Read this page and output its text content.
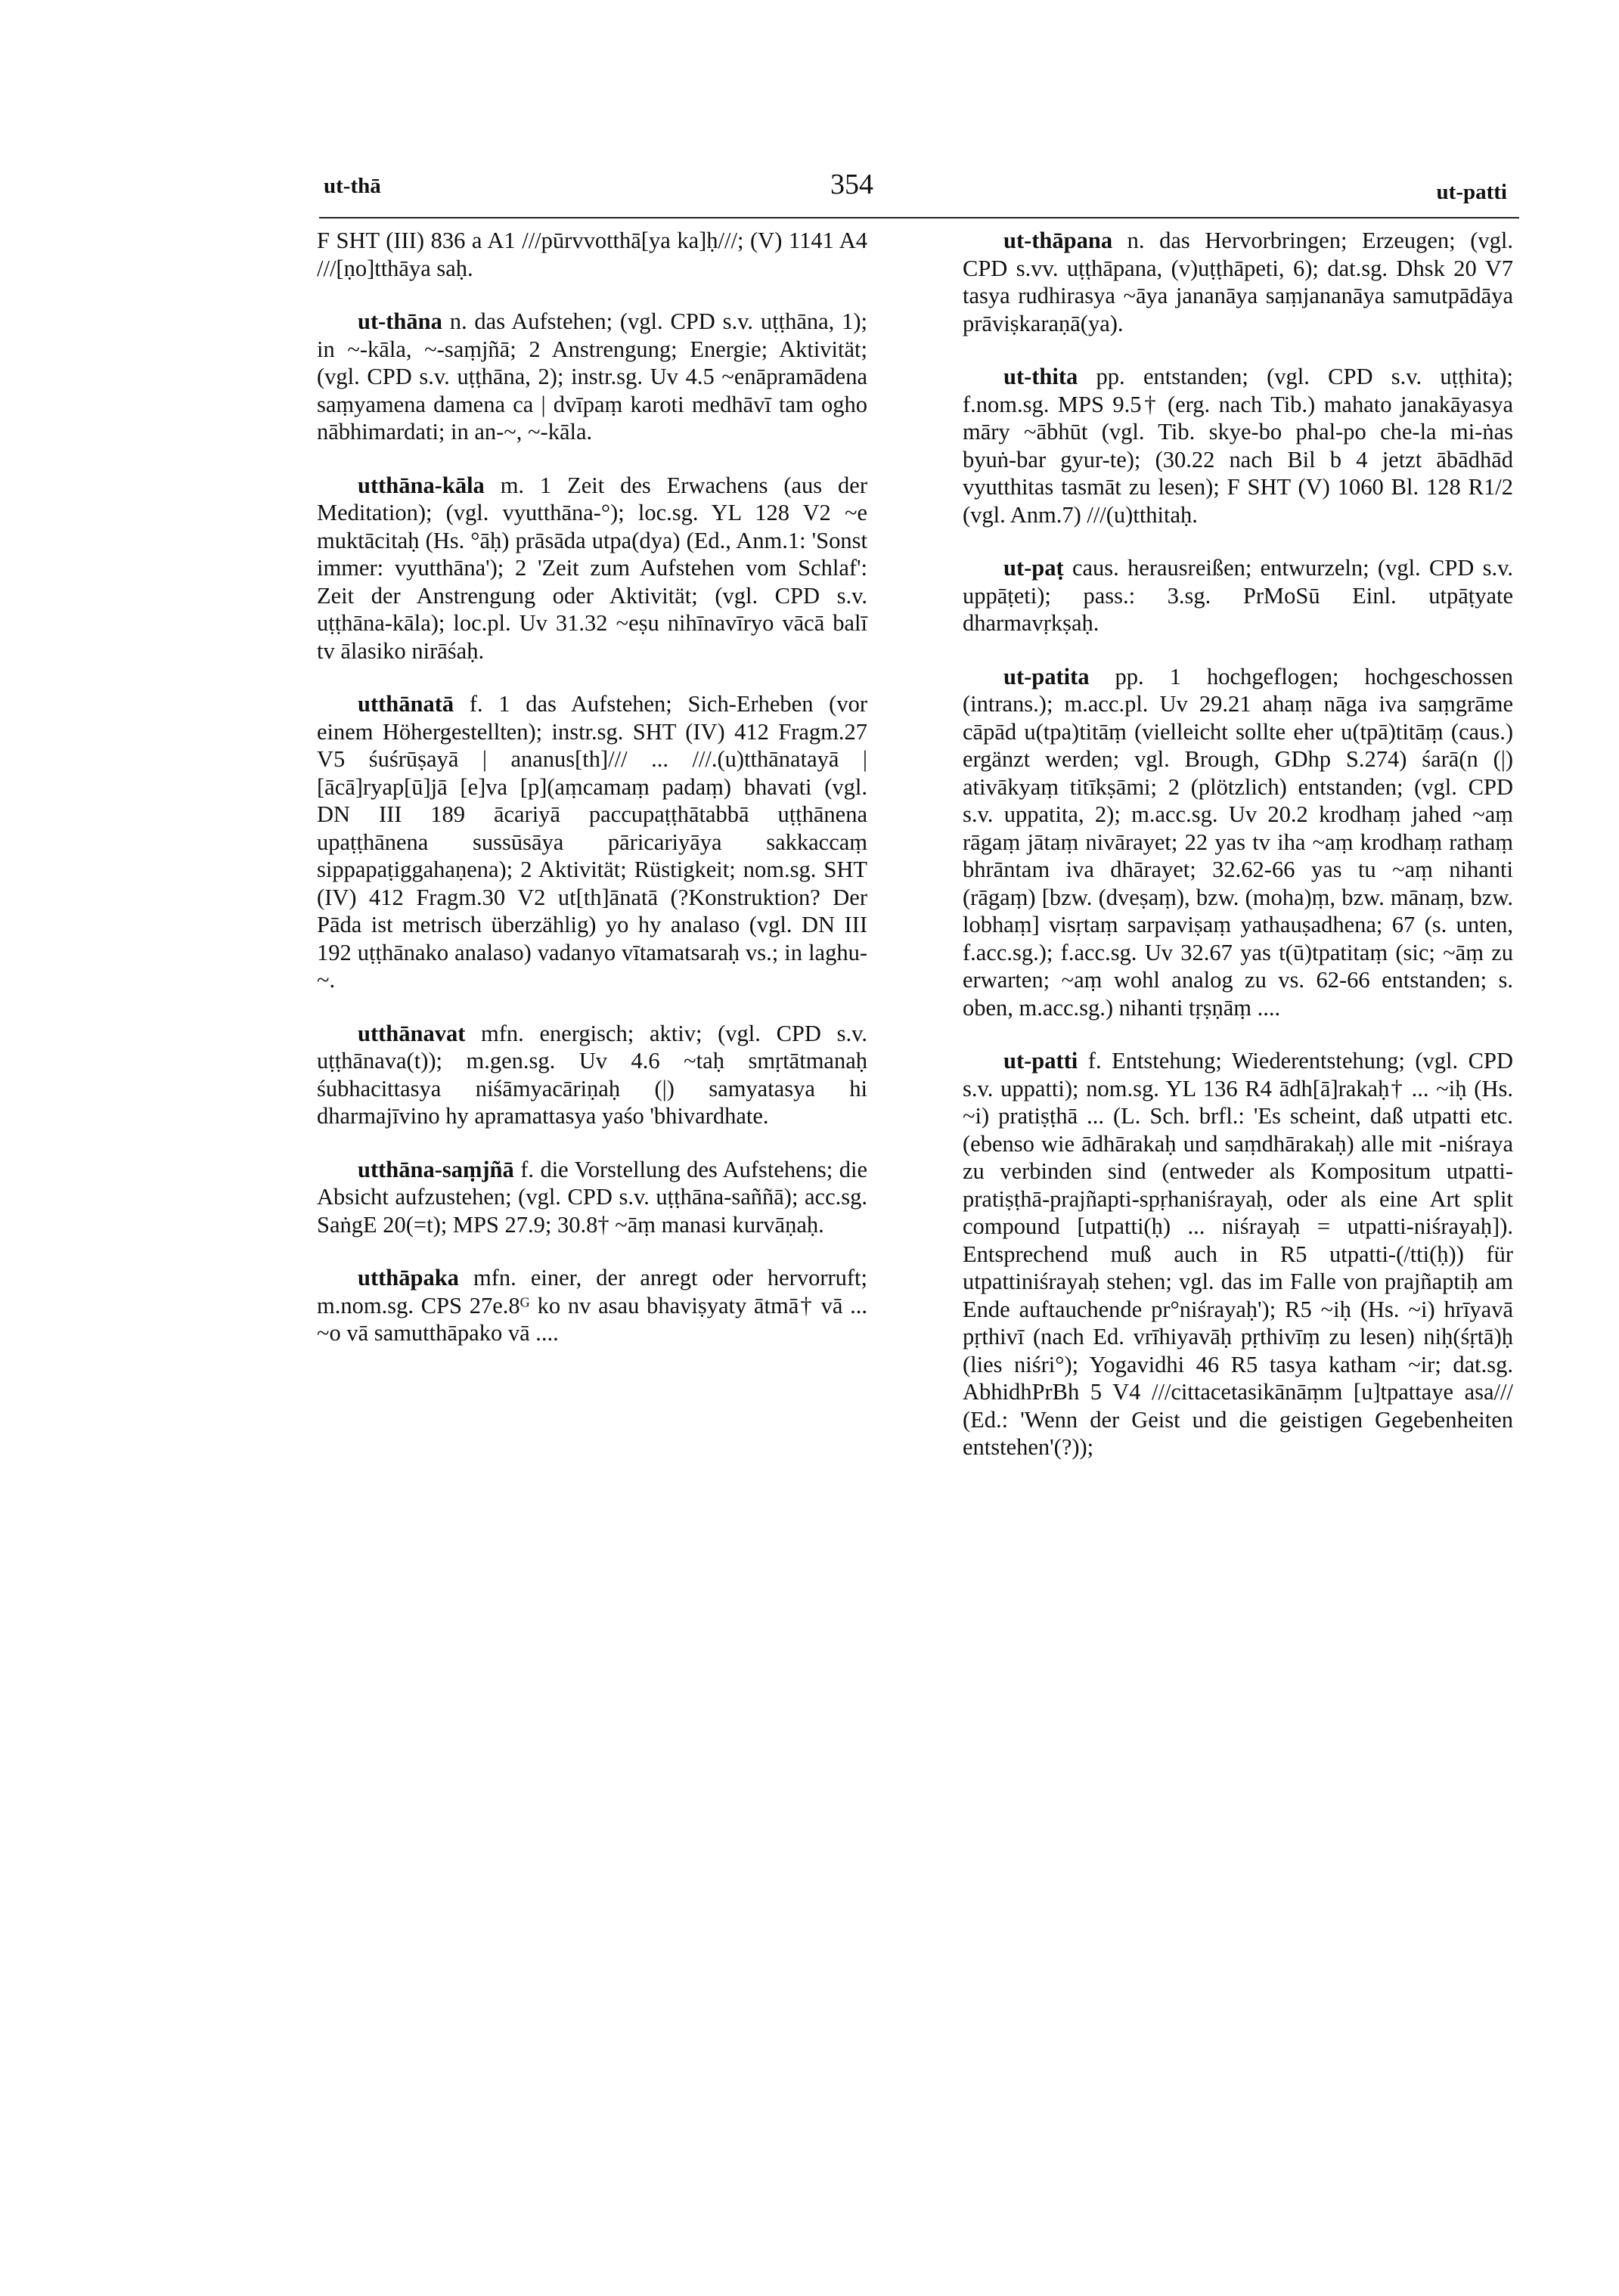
ut-thā	354	ut-patti
F SHT (III) 836 a A1 ///pūrvvotthā[ya ka]ḥ///; (V) 1141 A4 ///[ṇo]tthāya saḥ.
ut-thāna n. das Aufstehen; (vgl. CPD s.v. uṭṭhāna, 1); in ~-kāla, ~-saṃjñā; 2 Anstrengung; Energie; Aktivität; (vgl. CPD s.v. uṭṭhāna, 2); instr.sg. Uv 4.5 ~enāpramādena saṃyamena damena ca | dvīpaṃ karoti medhāvī tam ogho nābhimardati; in an-~, ~-kāla.
utthāna-kāla m. 1 Zeit des Erwachens (aus der Meditation); (vgl. vyutthāna-°); loc.sg. YL 128 V2 ~e muktācitaḥ (Hs. °āḥ) prāsāda utpa(dya) (Ed., Anm.1: 'Sonst immer: vyutthāna'); 2 'Zeit zum Aufstehen vom Schlaf': Zeit der Anstrengung oder Aktivität; (vgl. CPD s.v. uṭṭhāna-kāla); loc.pl. Uv 31.32 ~eṣu nihīnavīryo vācā balī tv ālasiko nirāśaḥ.
utthānatā f. 1 das Aufstehen; Sich-Erheben (vor einem Höhergestellten); instr.sg. SHT (IV) 412 Fragm.27 V5 śuśrūṣayā | ananus[th]/// ... ///.(u)tthānatayā | [ācā]ryap[ū]jā [e]va [p](aṃcamaṃ padaṃ) bhavati (vgl. DN III 189 ācariyā paccupaṭṭhātabbā uṭṭhānena upaṭṭhānena sussūsāya pāricariyāya sakkaccaṃ sippapaṭiggahaṇena); 2 Aktivität; Rüstigkeit; nom.sg. SHT (IV) 412 Fragm.30 V2 ut[th]ānatā (?Konstruktion? Der Pāda ist metrisch überzählig) yo hy analaso (vgl. DN III 192 uṭṭhānako analaso) vadanyo vītamatsaraḥ vs.; in laghu-~.
utthānavat mfn. energisch; aktiv; (vgl. CPD s.v. uṭṭhānava(t)); m.gen.sg. Uv 4.6 ~taḥ smṛtātmanaḥ śubhacittasya niśāmyacāriṇaḥ (|) samyatasya hi dharmajīvino hy apramattasya yaśo 'bhivardhate.
utthāna-saṃjñā f. die Vorstellung des Aufstehens; die Absicht aufzustehen; (vgl. CPD s.v. uṭṭhāna-saññā); acc.sg. SaṅgE 20(=t); MPS 27.9; 30.8† ~āṃ manasi kurvāṇaḥ.
utthāpaka mfn. einer, der anregt oder hervorruft; m.nom.sg. CPS 27e.8ᴳ ko nv asau bhaviṣyaty ātmā† vā ... ~o vā samutthāpako vā ....
ut-thāpana n. das Hervorbringen; Erzeugen; (vgl. CPD s.vv. uṭṭhāpana, (v)uṭṭhāpeti, 6); dat.sg. Dhsk 20 V7 tasya rudhirasya ~āya jananāya saṃjananāya samutpādāya prāviṣkaraṇā(ya).
ut-thita pp. entstanden; (vgl. CPD s.v. uṭṭhita); f.nom.sg. MPS 9.5† (erg. nach Tib.) mahato janakāyasya māry ~ābhūt (vgl. Tib. skye-bo phal-po che-la mi-ṅas byuṅ-bar gyur-te); (30.22 nach Bil b 4 jetzt ābādhād vyutthitas tasmāt zu lesen); F SHT (V) 1060 Bl. 128 R1/2 (vgl. Anm.7) ///(u)tthitaḥ.
ut-paṭ caus. herausreißen; entwurzeln; (vgl. CPD s.v. uppāṭeti); pass.: 3.sg. PrMoSū Einl. utpāṭyate dharmavṛkṣaḥ.
ut-patita pp. 1 hochgeflogen; hochgeschossen (intrans.); m.acc.pl. Uv 29.21 ahaṃ nāga iva saṃgrāme cāpād u(tpa)titāṃ (vielleicht sollte eher u(tpā)titāṃ (caus.) ergänzt werden; vgl. Brough, GDhp S.274) śarā(n (|) ativākyaṃ titīkṣāmi; 2 (plötzlich) entstanden; (vgl. CPD s.v. uppatita, 2); m.acc.sg. Uv 20.2 krodhaṃ jahed ~aṃ rāgaṃ jātaṃ nivārayet; 22 yas tv iha ~aṃ krodhaṃ rathaṃ bhrāntam iva dhārayet; 32.62-66 yas tu ~aṃ nihanti (rāgaṃ) [bzw. (dveṣaṃ), bzw. (moha)ṃ, bzw. mānaṃ, bzw. lobhaṃ] visṛtaṃ sarpaviṣaṃ yathauṣadhena; 67 (s. unten, f.acc.sg.); f.acc.sg. Uv 32.67 yas t(ū)tpatitaṃ (sic; ~āṃ zu erwarten; ~aṃ wohl analog zu vs. 62-66 entstanden; s. oben, m.acc.sg.) nihanti tṛṣṇāṃ ....
ut-patti f. Entstehung; Wiederentstehung; (vgl. CPD s.v. uppatti); nom.sg. YL 136 R4 ādh[ā]rakaḥ† ... ~iḥ (Hs. ~i) pratiṣṭhā ... (L. Sch. brfl.: 'Es scheint, daß utpatti etc. (ebenso wie ādhārakaḥ und saṃdhārakaḥ) alle mit -niśraya zu verbinden sind (entweder als Kompositum utpatti-pratiṣṭhā-prajñapti-spṛhaniśrayaḥ, oder als eine Art split compound [utpatti(ḥ) ... niśrayaḥ = utpatti-niśrayaḥ]). Entsprechend muß auch in R5 utpatti-(/tti(ḥ)) für utpattiniśrayaḥ stehen; vgl. das im Falle von prajñaptiḥ am Ende auftauchende pr°niśrayaḥ'); R5 ~iḥ (Hs. ~i) hrīyavā pṛthivī (nach Ed. vrīhiyavāḥ pṛthivīṃ zu lesen) niḥ(śṛtā)ḥ (lies niśri°); Yogavidhi 46 R5 tasya katham ~ir; dat.sg. AbhidhPrBh 5 V4 ///cittacetasikānāṃm [u]tpattaye asa/// (Ed.: 'Wenn der Geist und die geistigen Gegebenheiten entstehen'(?));
